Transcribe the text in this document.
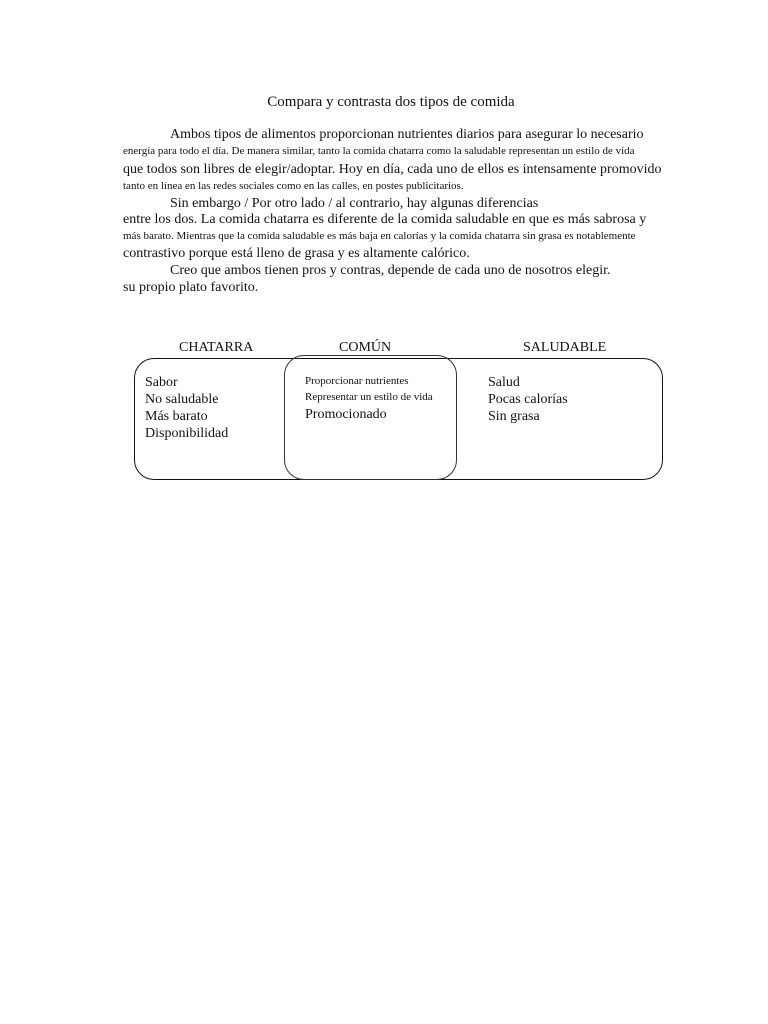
Compara y contrasta dos tipos de comida
Ambos tipos de alimentos proporcionan nutrientes diarios para asegurar lo necesario
energía para todo el día. De manera similar, tanto la comida chatarra como la saludable representan un estilo de vida
que todos son libres de elegir/adoptar. Hoy en día, cada uno de ellos es intensamente promovido
tanto en línea en las redes sociales como en las calles, en postes publicitarios.
Sin embargo / Por otro lado / al contrario, hay algunas diferencias
entre los dos. La comida chatarra es diferente de la comida saludable en que es más sabrosa y
más barato. Mientras que la comida saludable es más baja en calorías y la comida chatarra sin grasa es notablemente
contrastivo porque está lleno de grasa y es altamente calórico.
Creo que ambos tienen pros y contras, depende de cada uno de nosotros elegir.
su propio plato favorito.
CHATARRA	COMÚN	SALUDABLE
Sabor
No saludable
Más barato
Disponibilidad
Proporcionar nutrientes
Representar un estilo de vida
Promocionado
Salud
Pocas calorías
Sin grasa
